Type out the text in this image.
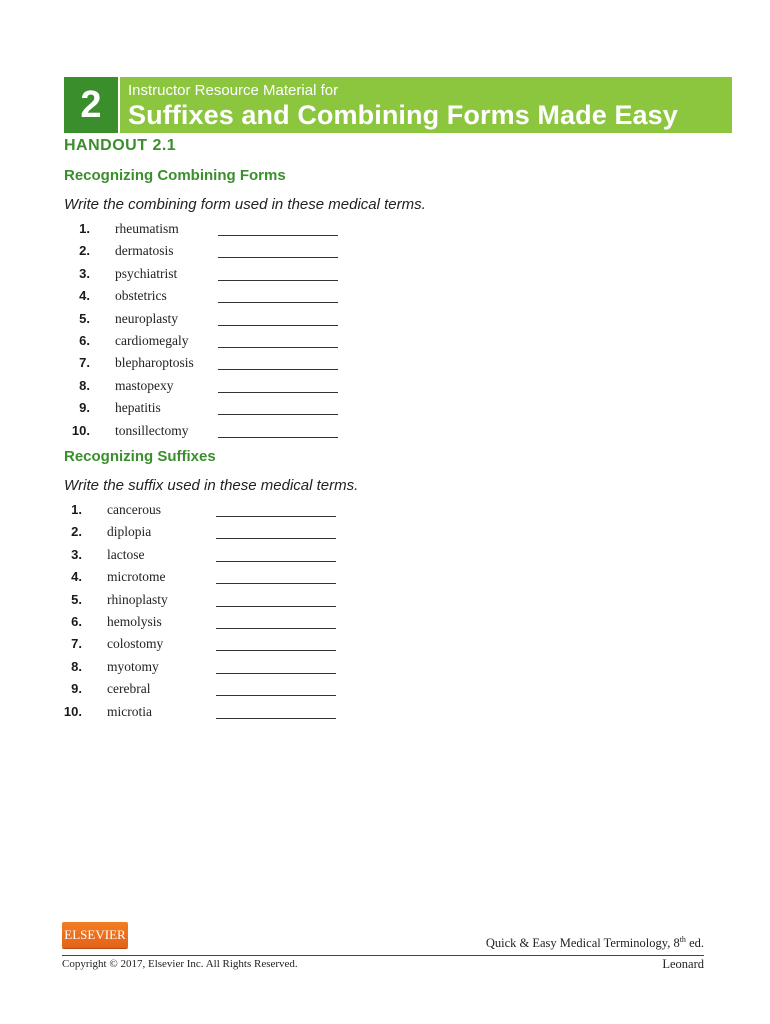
2	Instructor Resource Material for
Suffixes and Combining Forms Made Easy
HANDOUT 2.1
Recognizing Combining Forms
Write the combining form used in these medical terms.
1. rheumatism
2. dermatosis
3. psychiatrist
4. obstetrics
5. neuroplasty
6. cardiomegaly
7. blepharoptosis
8. mastopexy
9. hepatitis
10. tonsillectomy
Recognizing Suffixes
Write the suffix used in these medical terms.
1. cancerous
2. diplopia
3. lactose
4. microtome
5. rhinoplasty
6. hemolysis
7. colostomy
8. myotomy
9. cerebral
10. microtia
ELSEVIER
Quick & Easy Medical Terminology, 8th ed.
Copyright © 2017, Elsevier Inc. All Rights Reserved.	Leonard
